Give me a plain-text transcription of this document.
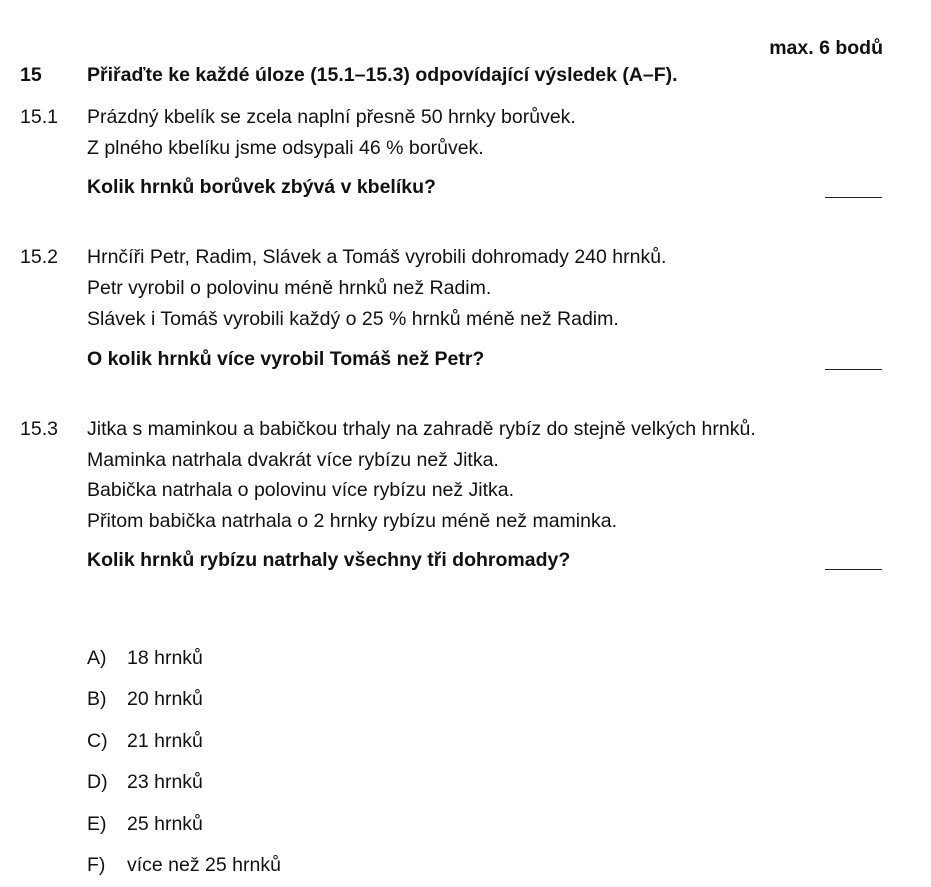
max. 6 bodů
15 Přiřaďte ke každé úloze (15.1–15.3) odpovídající výsledek (A–F).
15.1 Prázdný kbelík se zcela naplní přesně 50 hrnky borůvek.
Z plného kbelíku jsme odsypali 46 % borůvek.
Kolik hrnků borůvek zbývá v kbelíku?
15.2 Hrnčíři Petr, Radim, Slávek a Tomáš vyrobili dohromady 240 hrnků.
Petr vyrobil o polovinu méně hrnků než Radim.
Slávek i Tomáš vyrobili každý o 25 % hrnků méně než Radim.
O kolik hrnků více vyrobil Tomáš než Petr?
15.3 Jitka s maminkou a babičkou trhaly na zahradě rybíz do stejně velkých hrnků.
Maminka natrhala dvakrát více rybízu než Jitka.
Babička natrhala o polovinu více rybízu než Jitka.
Přitom babička natrhala o 2 hrnky rybízu méně než maminka.
Kolik hrnků rybízu natrhaly všechny tři dohromady?
A) 18 hrnků
B) 20 hrnků
C) 21 hrnků
D) 23 hrnků
E) 25 hrnků
F) více než 25 hrnků
